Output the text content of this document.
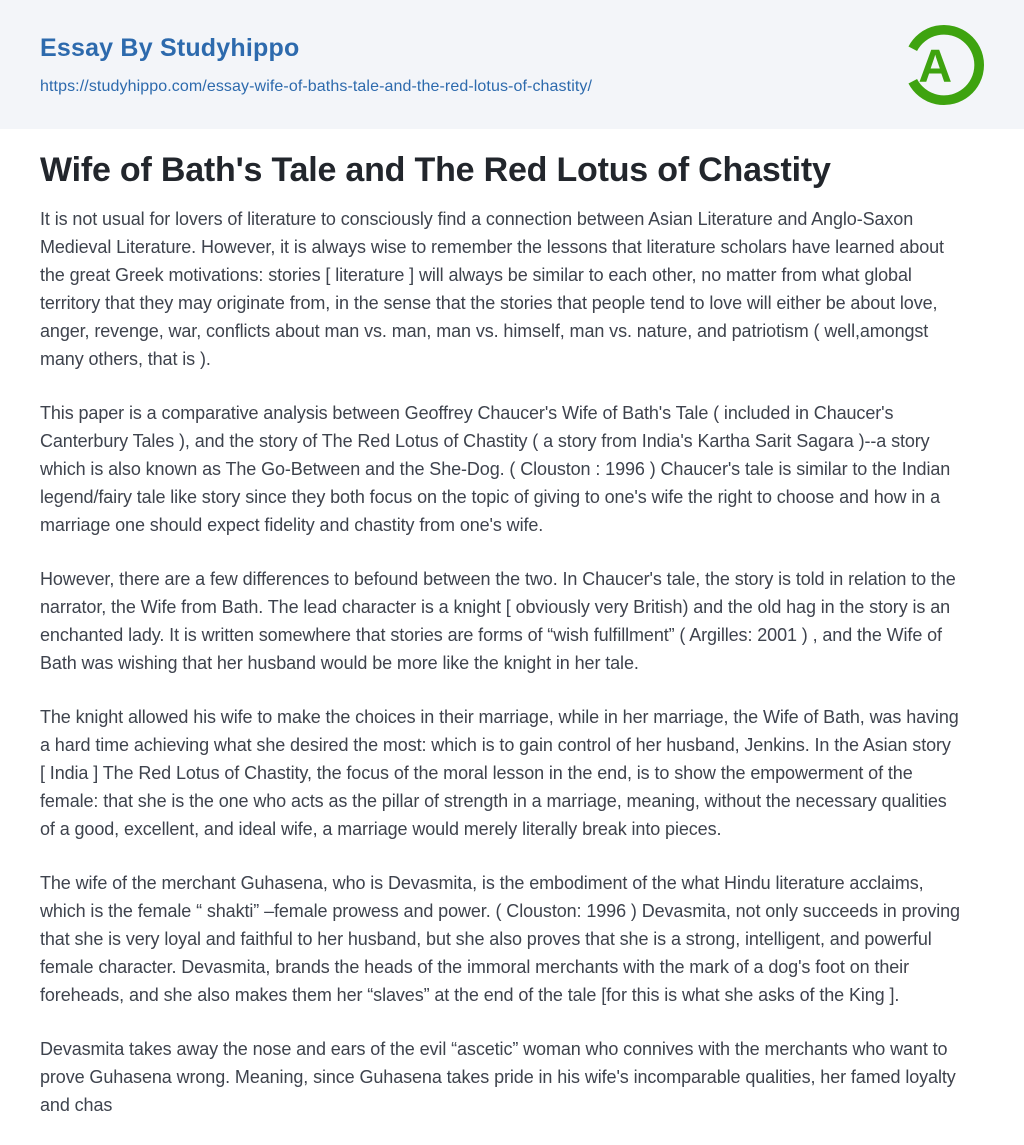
Essay By Studyhippo
https://studyhippo.com/essay-wife-of-baths-tale-and-the-red-lotus-of-chastity/	A
Wife of Bath's Tale and The Red Lotus of Chastity

It is not usual for lovers of literature to consciously find a connection between Asian Literature and Anglo-Saxon Medieval Literature. However, it is always wise to remember the lessons that literature scholars have learned about the great Greek motivations: stories [ literature ] will always be similar to each other, no matter from what global territory that they may originate from, in the sense that the stories that people tend to love will either be about love, anger, revenge, war, conflicts about man vs. man, man vs. himself, man vs. nature, and patriotism ( well,amongst many others, that is ).

This paper is a comparative analysis between Geoffrey Chaucer's Wife of Bath's Tale ( included in Chaucer's Canterbury Tales ), and the story of The Red Lotus of Chastity ( a story from India's Kartha Sarit Sagara )--a story which is also known as The Go-Between and the She-Dog. ( Clouston : 1996 ) Chaucer's tale is similar to the Indian legend/fairy tale like story since they both focus on the topic of giving to one's wife the right to choose and how in a marriage one should expect fidelity and chastity from one's wife.

However, there are a few differences to befound between the two. In Chaucer's tale, the story is told in relation to the narrator, the Wife from Bath. The lead character is a knight [ obviously very British) and the old hag in the story is an enchanted lady. It is written somewhere that stories are forms of “wish fulfillment” ( Argilles: 2001 ) , and the Wife of Bath was wishing that her husband would be more like the knight in her tale.

The knight allowed his wife to make the choices in their marriage, while in her marriage, the Wife of Bath, was having a hard time achieving what she desired the most: which is to gain control of her husband, Jenkins. In the Asian story [ India ] The Red Lotus of Chastity, the focus of the moral lesson in the end, is to show the empowerment of the female: that she is the one who acts as the pillar of strength in a marriage, meaning, without the necessary qualities of a good, excellent, and ideal wife, a marriage would merely literally break into pieces.

The wife of the merchant Guhasena, who is Devasmita, is the embodiment of the what Hindu literature acclaims, which is the female “ shakti” –female prowess and power. ( Clouston: 1996 ) Devasmita, not only succeeds in proving that she is very loyal and faithful to her husband, but she also proves that she is a strong, intelligent, and powerful female character. Devasmita, brands the heads of the immoral merchants with the mark of a dog's foot on their foreheads, and she also makes them her “slaves” at the end of the tale [for this is what she asks of the King ].

Devasmita takes away the nose and ears of the evil “ascetic” woman who connives with the merchants who want to prove Guhasena wrong. Meaning, since Guhasena takes pride in his wife's incomparable qualities, her famed loyalty and chas
